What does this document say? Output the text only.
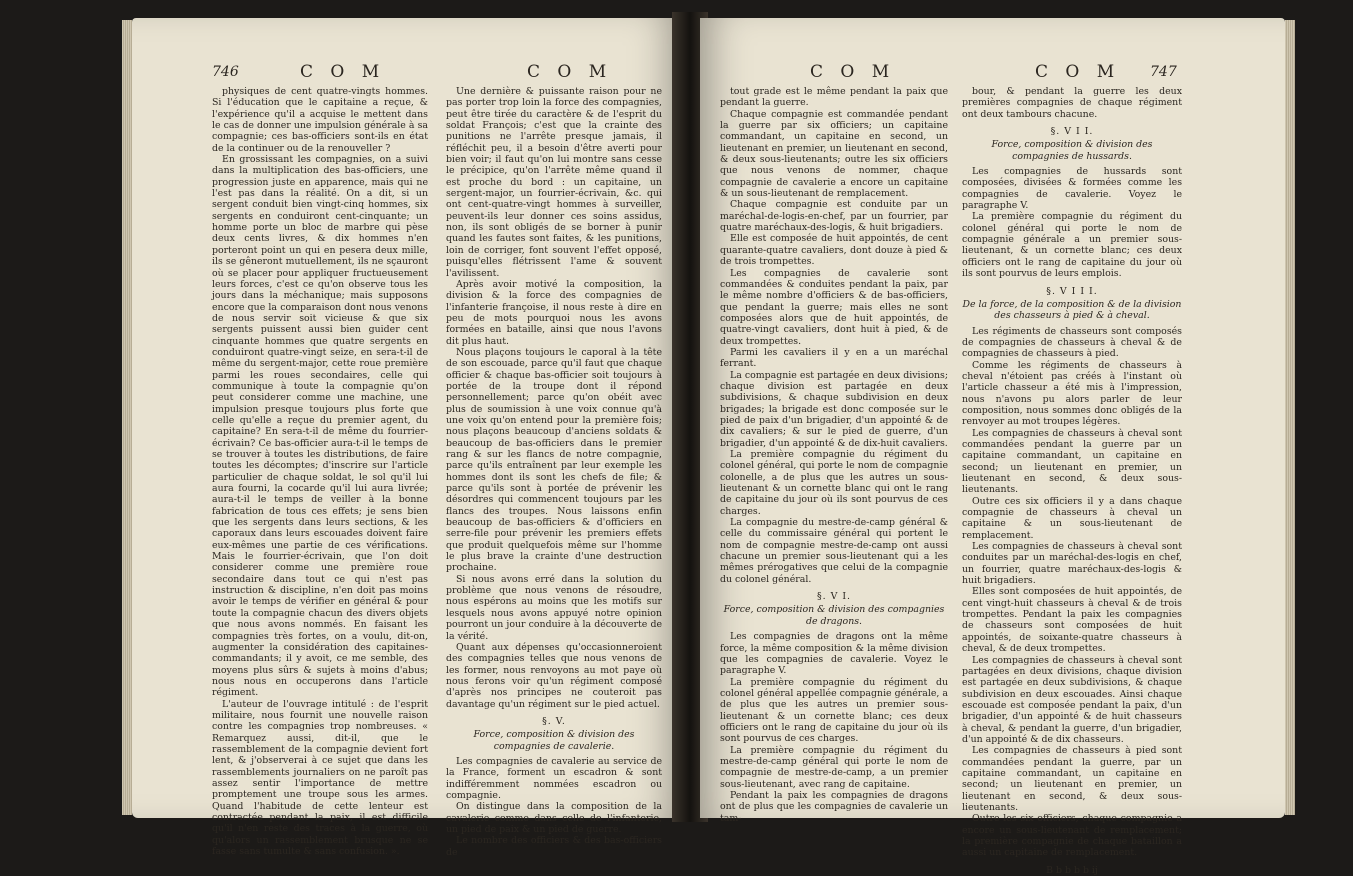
746	C O M	C O M

physiques de cent quatre-vingts hommes. Si l'éducation que le capitaine a reçue, & l'expérience qu'il a acquise le mettent dans le cas de donner une impulsion générale à sa compagnie; ces bas-officiers sont-ils en état de la continuer ou de la renouveller ?

En grossissant les compagnies, on a suivi dans la multiplication des bas-officiers, une progression juste en apparence, mais qui ne l'est pas dans la réalité. On a dit, si un sergent conduit bien vingt-cinq hommes, six sergents en conduiront cent-cinquante; un homme porte un bloc de marbre qui pèse deux cents livres, & dix hommes n'en porteront point un qui en pesera deux mille, ils se gêneront mutuellement, ils ne sçauront où se placer pour appliquer fructueusement leurs forces, c'est ce qu'on observe tous les jours dans la méchanique; mais supposons encore que la comparaison dont nous venons de nous servir soit vicieuse & que six sergents puissent aussi bien guider cent cinquante hommes que quatre sergents en conduiront quatre-vingt seize, en sera-t-il de même du sergent-major, cette roue première parmi les roues secondaires, celle qui communique à toute la compagnie qu'on peut considerer comme une machine, une impulsion presque toujours plus forte que celle qu'elle a reçue du premier agent, du capitaine? En sera-t-il de même du fourrier-écrivain? Ce bas-officier aura-t-il le temps de se trouver à toutes les distributions, de faire toutes les décomptes; d'inscrire sur l'article particulier de chaque soldat, le sol qu'il lui aura fourni, la cocarde qu'il lui aura livrée; aura-t-il le temps de veiller à la bonne fabrication de tous ces effets; je sens bien que les sergents dans leurs sections, & les caporaux dans leurs escouades doivent faire eux-mêmes une partie de ces vérifications. Mais le fourrier-écrivain, que l'on doit considerer comme une première roue secondaire dans tout ce qui n'est pas instruction & discipline, n'en doit pas moins avoir le temps de vérifier en général & pour toute la compagnie chacun des divers objets que nous avons nommés. En faisant les compagnies très fortes, on a voulu, dit-on, augmenter la considération des capitaines-commandants; il y avoit, ce me semble, des moyens plus sûrs & sujets à moins d'abus; nous nous en occuperons dans l'article régiment.

L'auteur de l'ouvrage intitulé : de l'esprit militaire, nous fournit une nouvelle raison contre les compagnies trop nombreuses. « Remarquez aussi, dit-il, que le rassemblement de la compagnie devient fort lent, & j'observerai à ce sujet que dans les rassemblements journaliers on ne paroît pas assez sentir l'importance de mettre promptement une troupe sous les armes. Quand l'habitude de cette lenteur est contractée pendant la paix, il est difficile qu'il n'en reste des traces à la guerre, où qu'alors un rassemblement brusque ne se fasse sans tumulte & sans confusion. ».

Une dernière & puissante raison pour ne pas porter trop loin la force des compagnies, peut être tirée du caractère & de l'esprit du soldat François; c'est que la crainte des punitions ne l'arrête presque jamais, il réfléchit peu, il a besoin d'être averti pour bien voir; il faut qu'on lui montre sans cesse le précipice, qu'on l'arrête même quand il est proche du bord : un capitaine, un sergent-major, un fourrier-écrivain, &c. qui ont cent-quatre-vingt hommes à surveiller, peuvent-ils leur donner ces soins assidus, non, ils sont obligés de se borner à punir quand les fautes sont faites, & les punitions, loin de corriger, font souvent l'effet opposé, puisqu'elles flétrissent l'ame & souvent l'avilissent.

Après avoir motivé la composition, la division & la force des compagnies de l'infanterie françoise, il nous reste à dire en peu de mots pourquoi nous les avons formées en bataille, ainsi que nous l'avons dit plus haut.

Nous plaçons toujours le caporal à la tête de son escouade, parce qu'il faut que chaque officier & chaque bas-officier soit toujours à portée de la troupe dont il répond personnellement; parce qu'on obéit avec plus de soumission à une voix connue qu'à une voix qu'on entend pour la première fois; nous plaçons beaucoup d'anciens soldats & beaucoup de bas-officiers dans le premier rang & sur les flancs de notre compagnie, parce qu'ils entraînent par leur exemple les hommes dont ils sont les chefs de file; & parce qu'ils sont à portée de prévenir les désordres qui commencent toujours par les flancs des troupes. Nous laissons enfin beaucoup de bas-officiers & d'officiers en serre-file pour prévenir les premiers effets que produit quelquefois même sur l'homme le plus brave la crainte d'une destruction prochaine.

Si nous avons erré dans la solution du problème que nous venons de résoudre, nous espérons au moins que les motifs sur lesquels nous avons appuyé notre opinion pourront un jour conduire à la découverte de la vérité.

Quant aux dépenses qu'occasionneroient des compagnies telles que nous venons de les former, nous renvoyons au mot paye où nous ferons voir qu'un régiment composé d'après nos principes ne couteroit pas davantage qu'un régiment sur le pied actuel.

§. V.

Force, composition & division des compagnies de cavalerie.

Les compagnies de cavalerie au service de la France, forment un escadron & sont indifféremment nommées escadron ou compagnie.

On distingue dans la composition de la cavalerie comme dans celle de l'infanterie, un pied de paix & un pied de guerre.

Le nombre des officiers & des bas-officiers de

C O M	C O M 747

tout grade est le même pendant la paix que pendant la guerre.

Chaque compagnie est commandée pendant la guerre par six officiers; un capitaine commandant, un capitaine en second, un lieutenant en premier, un lieutenant en second, & deux sous-lieutenants; outre les six officiers que nous venons de nommer, chaque compagnie de cavalerie a encore un capitaine & un sous-lieutenant de remplacement.

Chaque compagnie est conduite par un maréchal-de-logis-en-chef, par un fourrier, par quatre maréchaux-des-logis, & huit brigadiers.

Elle est composée de huit appointés, de cent quarante-quatre cavaliers, dont douze à pied & de trois trompettes.

Les compagnies de cavalerie sont commandées & conduites pendant la paix, par le même nombre d'officiers & de bas-officiers, que pendant la guerre; mais elles ne sont composées alors que de huit appointés, de quatre-vingt cavaliers, dont huit à pied, & de deux trompettes.

Parmi les cavaliers il y en a un maréchal ferrant.

La compagnie est partagée en deux divisions; chaque division est partagée en deux subdivisions, & chaque subdivision en deux brigades; la brigade est donc composée sur le pied de paix d'un brigadier, d'un appointé & de dix cavaliers; & sur le pied de guerre, d'un brigadier, d'un appointé & de dix-huit cavaliers.

La première compagnie du régiment du colonel général, qui porte le nom de compagnie colonelle, a de plus que les autres un sous-lieutenant & un cornette blanc qui ont le rang de capitaine du jour où ils sont pourvus de ces charges.

La compagnie du mestre-de-camp général & celle du commissaire général qui portent le nom de compagnie mestre-de-camp ont aussi chacune un premier sous-lieutenant qui a les mêmes prérogatives que celui de la compagnie du colonel général.

§. V I.

Force, composition & division des compagnies de dragons.

Les compagnies de dragons ont la même force, la même composition & la même division que les compagnies de cavalerie. Voyez le paragraphe V.

La première compagnie du régiment du colonel général appellée compagnie générale, a de plus que les autres un premier sous-lieutenant & un cornette blanc; ces deux officiers ont le rang de capitaine du jour où ils sont pourvus de ces charges.

La première compagnie du régiment du mestre-de-camp général qui porte le nom de compagnie de mestre-de-camp, a un premier sous-lieutenant, avec rang de capitaine.

Pendant la paix les compagnies de dragons ont de plus que les compagnies de cavalerie un tam-

bour, & pendant la guerre les deux premières compagnies de chaque régiment ont deux tambours chacune.

§. V I I.

Force, composition & division des compagnies de hussards.

Les compagnies de hussards sont composées, divisées & formées comme les compagnies de cavalerie. Voyez le paragraphe V.

La première compagnie du régiment du colonel général qui porte le nom de compagnie générale a un premier sous-lieutenant, & un cornette blanc; ces deux officiers ont le rang de capitaine du jour où ils sont pourvus de leurs emplois.

§. V I I I.

De la force, de la composition & de la division des chasseurs à pied & à cheval.

Les régiments de chasseurs sont composés de compagnies de chasseurs à cheval & de compagnies de chasseurs à pied.

Comme les régiments de chasseurs à cheval n'étoient pas créés à l'instant où l'article chasseur a été mis à l'impression, nous n'avons pu alors parler de leur composition, nous sommes donc obligés de la renvoyer au mot troupes légères.

Les compagnies de chasseurs à cheval sont commandées pendant la guerre par un capitaine commandant, un capitaine en second; un lieutenant en premier, un lieutenant en second, & deux sous-lieutenants.

Outre ces six officiers il y a dans chaque compagnie de chasseurs à cheval un capitaine & un sous-lieutenant de remplacement.

Les compagnies de chasseurs à cheval sont conduites par un maréchal-des-logis en chef, un fourrier, quatre maréchaux-des-logis & huit brigadiers.

Elles sont composées de huit appointés, de cent vingt-huit chasseurs à cheval & de trois trompettes. Pendant la paix les compagnies de chasseurs sont composées de huit appointés, de soixante-quatre chasseurs à cheval, & de deux trompettes.

Les compagnies de chasseurs à cheval sont partagées en deux divisions, chaque division est partagée en deux subdivisions, & chaque subdivision en deux escouades. Ainsi chaque escouade est composée pendant la paix, d'un brigadier, d'un appointé & de huit chasseurs à cheval, & pendant la guerre, d'un brigadier, d'un appointé & de dix chasseurs.

Les compagnies de chasseurs à pied sont commandées pendant la guerre, par un capitaine commandant, un capitaine en second; un lieutenant en premier, un lieutenant en second, & deux sous-lieutenants.

Outre les six officiers, chaque compagnie a encore un sous-lieutenant de remplacement; la première compagnie de chaque bataillon a aussi un capitaine de remplacement.

B b b b b ij
